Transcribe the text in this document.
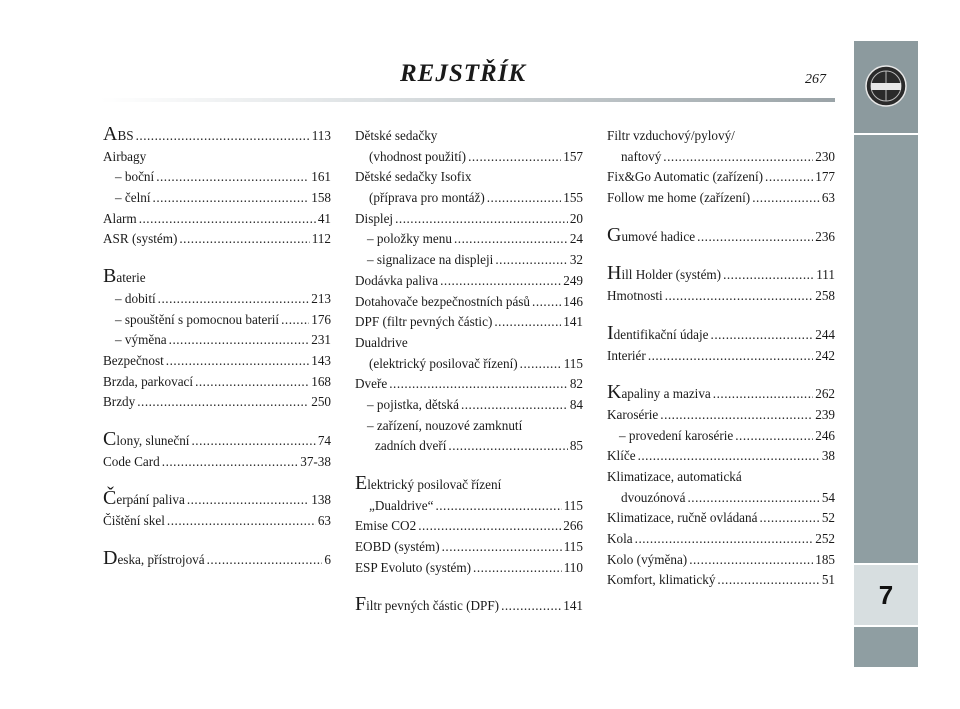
REJSTŘÍK	267
7
ABS .....	113
Airbagy
– boční .....	161
– čelní .....	158
Alarm .....	41
ASR (systém) .....	112
Baterie
– dobití .....	213
– spouštění s pomocnou baterií ..... 176
– výměna .....	231
Bezpečnost .....	143
Brzda, parkovací .....	168
Brzdy .....	250
Clony, sluneční .....	74
Code Card .....	37-38
Čerpání paliva .....	138
Čištění skel .....	63
Deska, přístrojová .....	6
Dětské sedačky
(vhodnost použití) .....	157
Dětské sedačky Isofix
(příprava pro montáž) .....	155
Displej .....	20
– položky menu .....	24
– signalizace na displeji .....	32
Dodávka paliva .....	249
Dotahovače bezpečnostních pásů .....	146
DPF (filtr pevných částic) .....	141
Dualdrive
(elektrický posilovač řízení) .....	115
Dveře .....	82
– pojistka, dětská .....	84
– zařízení, nouzové zamknutí
zadních dveří .....	85
Elektrický posilovač řízení
„Dualdrive“ .....	115
Emise CO2 .....	266
EOBD (systém) .....	115
ESP Evoluto (systém) .....	110
Filtr pevných částic (DPF) .....	141
Filtr vzduchový/pylový/
naftový .....	230
Fix&Go Automatic (zařízení) .....	177
Follow me home (zařízení) .....	63
Gumové hadice .....	236
Hill Holder (systém) .....	111
Hmotnosti .....	258
Identifikační údaje .....	244
Interiér .....	242
Kapaliny a maziva .....	262
Karosérie .....	239
– provedení karosérie .....	246
Klíče .....	38
Klimatizace, automatická
dvouzónová .....	54
Klimatizace, ručně ovládaná .....	52
Kola .....	252
Kolo (výměna) .....	185
Komfort, klimatický .....	51
